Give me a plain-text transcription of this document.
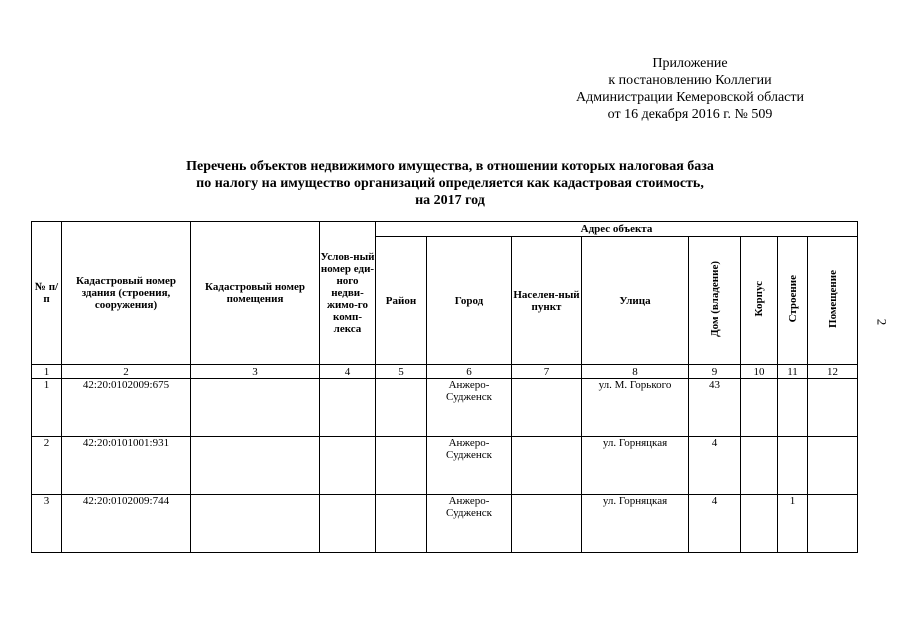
Приложение
к постановлению Коллегии
Администрации Кемеровской области
от 16 декабря 2016 г. № 509
Перечень объектов недвижимого имущества, в отношении которых налоговая база
по налогу на имущество организаций определяется как кадастровая стоимость,
на 2017 год
2
№ п/п	Кадастровый номер здания (строения, сооружения)	Кадастровый номер помещения	Услов-ный номер еди-ного недви-жимо-го комп-лекса	Адрес объекта							
				Район	Город	Населен-ный пункт	Улица	Дом (владение)	Корпус	Строение	Помещение
1	2	3	4	5	6	7	8	9	10	11	12
1	42:20:0102009:675				Анжеро-Судженск		ул. М. Горького	43			
2	42:20:0101001:931				Анжеро-Судженск		ул. Горняцкая	4			
3	42:20:0102009:744				Анжеро-Судженск		ул. Горняцкая	4		1	
